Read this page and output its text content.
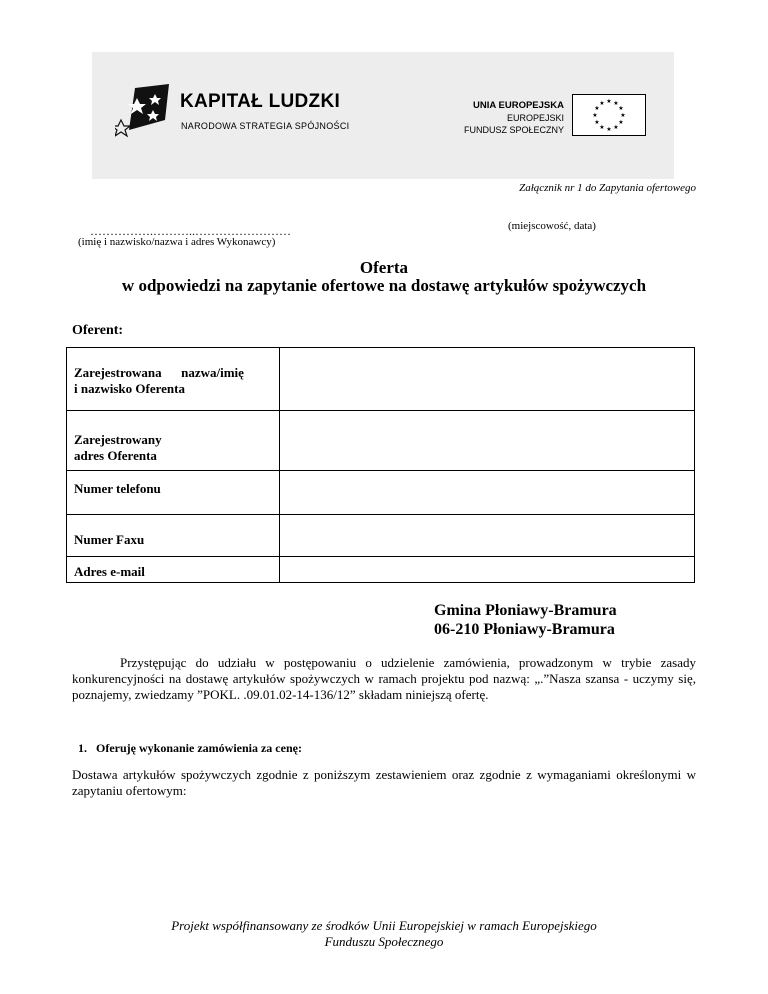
KAPITAŁ LUDZKI
NARODOWA STRATEGIA SPÓJNOŚCI
UNIA EUROPEJSKA
EUROPEJSKI
FUNDUSZ SPOŁECZNY
★ ★
★
★
★
★
★
★
★
★
★
★
Załącznik nr 1 do Zapytania ofertowego
…………….………..……………………	(miejscowość, data)
(imię i nazwisko/nazwa i adres Wykonawcy)
Oferta
w odpowiedzi na zapytanie ofertowe na dostawę artykułów spożywczych
Oferent:
Zarejestrowana      nazwa/imię
i nazwisko Oferenta
Zarejestrowany
adres Oferenta
Numer telefonu
Numer Faxu
Adres e-mail
Gmina Płoniawy-Bramura
06-210 Płoniawy-Bramura
Przystępując do udziału w postępowaniu o udzielenie zamówienia, prowadzonym w trybie zasady konkurencyjności na dostawę artykułów spożywczych w ramach projektu pod nazwą: „.”Nasza szansa - uczymy się, poznajemy, zwiedzamy ”POKL. .09.01.02-14-136/12” składam niniejszą ofertę.
1.   Oferuję wykonanie zamówienia za cenę:
Dostawa artykułów spożywczych zgodnie z poniższym zestawieniem oraz zgodnie z wymaganiami określonymi w zapytaniu ofertowym:
Projekt współfinansowany ze środków Unii Europejskiej w ramach Europejskiego
Funduszu Społecznego
